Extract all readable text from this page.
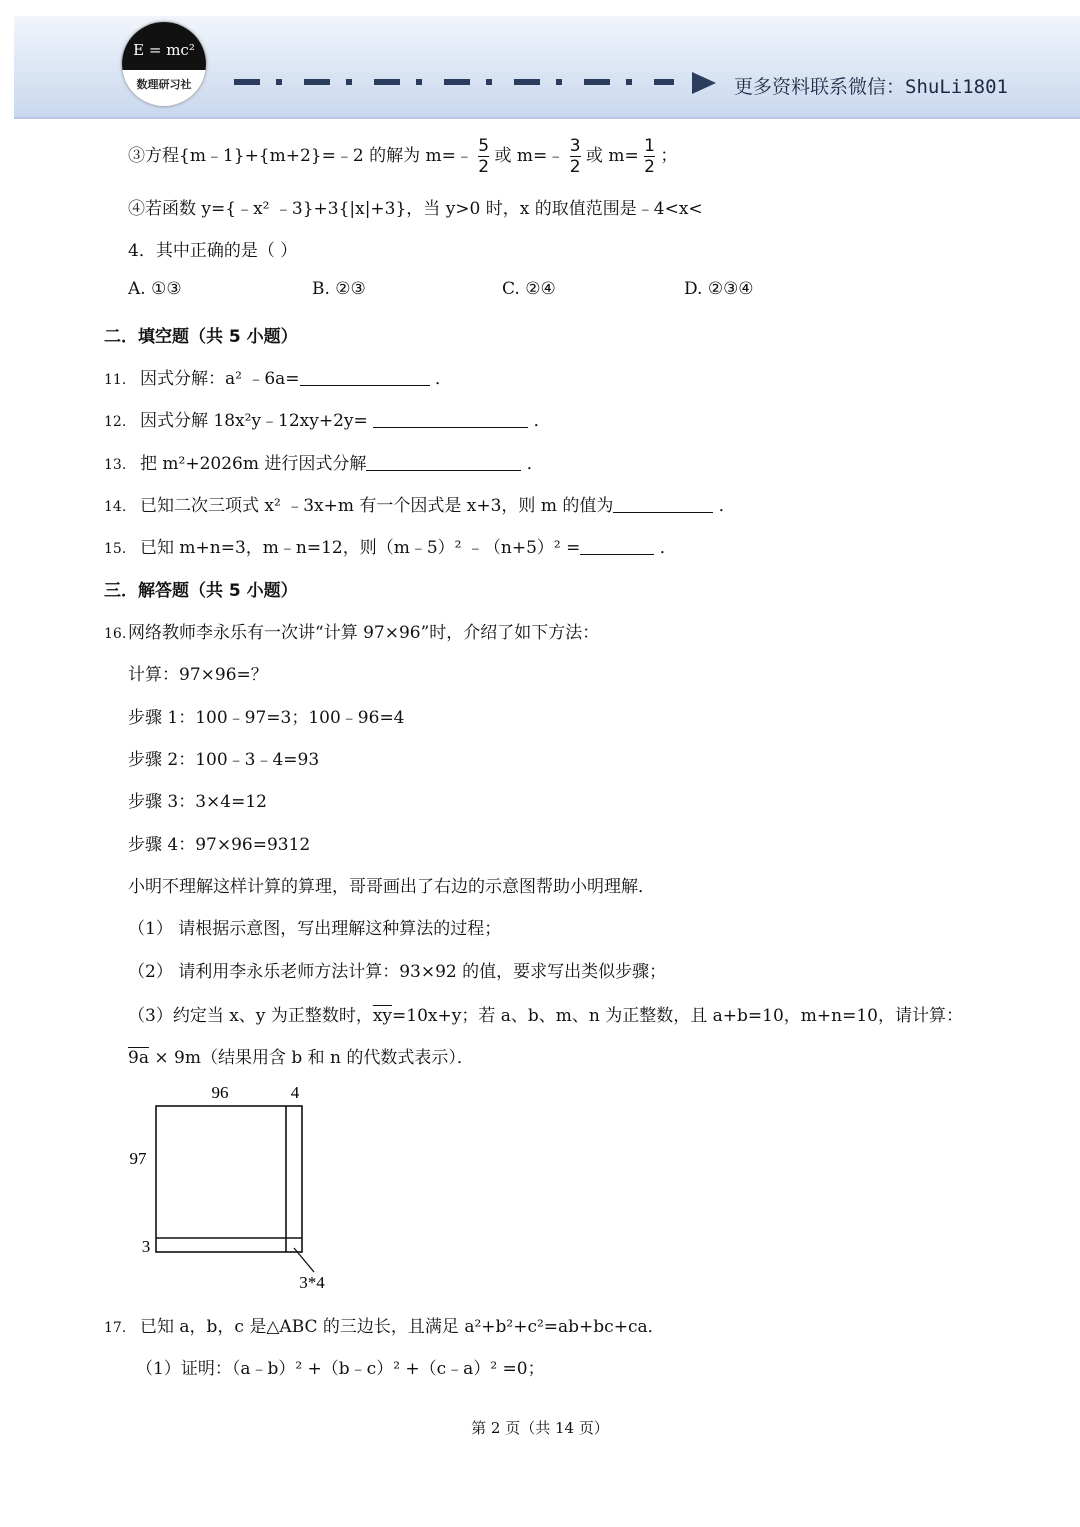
E = mc²
数理研习社	更多资料联系微信：ShuLi1801
③方程{m﹣1}+{m+2}=﹣2 的解为 m=﹣ $\frac{5}{2}$ 或 m=﹣ $\frac{3}{2}$ 或 $m= \frac{1}{2}$ ；
④若函数 y={﹣x² ﹣3}+3{|x|+3}，当 y>0 时，x 的取值范围是﹣4<x<
4．其中正确的是（ ）
A. ①③	B. ②③	C. ②④	D. ②③④
二．填空题（共 5 小题）
11. 因式分解：a² ﹣6a=	．
12. 因式分解 18x²y﹣12xy+2y=	．
13. 把 m²+2026m 进行因式分解	．
14. 已知二次三项式 x² ﹣3x+m 有一个因式是 x+3，则 m 的值为	．
15. 已知 m+n=3，m﹣n=12，则（m﹣5）² ﹣（n+5）² =	．
三．解答题（共 5 小题）
16. 网络教师李永乐有一次讲“计算 97×96”时，介绍了如下方法：
计算：97×96=？
步骤 1：100﹣97=3；100﹣96=4
步骤 2：100﹣3﹣4=93
步骤 3：3×4=12
步骤 4：97×96=9312
小明不理解这样计算的算理，哥哥画出了右边的示意图帮助小明理解．
（1） 请根据示意图，写出理解这种算法的过程；
（2） 请利用李永乐老师方法计算：93×92 的值，要求写出类似步骤；
（3）约定当 x、y 为正整数时，$\overline{xy}=10x+y$；若 a、b、m、n 为正整数，且 a+b=10，m+n=10，请计算：
9a × 9m（结果用含 b 和 n 的代数式表示）．
96	4
97
3
3*4
17. 已知 a，b，c 是△ABC 的三边长，且满足 a²+b²+c²=ab+bc+ca．
（1）证明：（a﹣b）² +（b﹣c）² +（c﹣a）² =0；
第 2 页（共 14 页）
